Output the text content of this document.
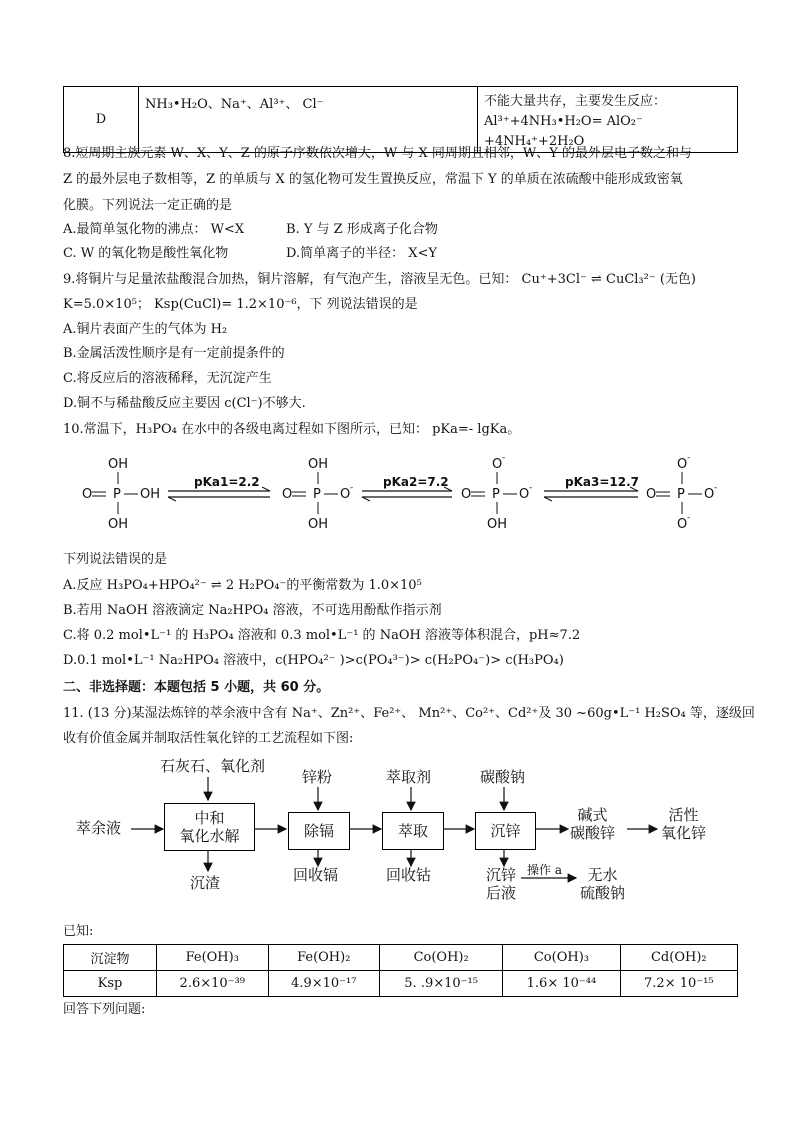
D	NH₃•H₂O、Na⁺、Al³⁺、 Cl⁻	不能大量共存，主要发生反应：
Al³⁺+4NH₃•H₂O= AlO₂⁻ +4NH₄⁺+2H₂O
8.短周期主族元素 W、X、Y、Z 的原子序数依次增大，W 与 X 同周期且相邻，W、Y 的最外层电子数之和与
Z 的最外层电子数相等，Z 的单质与 X 的氢化物可发生置换反应，常温下 Y 的单质在浓硫酸中能形成致密氧
化膜。下列说法一定正确的是
A.最简单氢化物的沸点： W<X	B. Y 与 Z 形成离子化合物
C. W 的氧化物是酸性氧化物	D.简单离子的半径： X<Y
9.将铜片与足量浓盐酸混合加热，铜片溶解，有气泡产生，溶液呈无色。已知： Cu⁺+3Cl⁻ ⇌ CuCl₃²⁻ (无色)
K=5.0×10⁵； Ksp(CuCl)= 1.2×10⁻⁶，下 列说法错误的是
A.铜片表面产生的气体为 H₂
B.金属活泼性顺序是有一定前提条件的
C.将反应后的溶液稀释，无沉淀产生
D.铜不与稀盐酸反应主要因 c(Cl⁻)不够大.
10.常温下，H₃PO₄ 在水中的各级电离过程如下图所示，已知： pKa=- lgKa。
OH
O P OH
OH
OH
O P O -
OH
O -
O P O -
OH
O -
O P O -
O -
pKa1=2.2	pKa2=7.2	pKa3=12.7
下列说法错误的是
A.反应 H₃PO₄+HPO₄²⁻ ⇌ 2 H₂PO₄⁻的平衡常数为 1.0×10⁵
B.若用 NaOH 溶液滴定 Na₂HPO₄ 溶液，不可选用酚酞作指示剂
C.将 0.2 mol•L⁻¹ 的 H₃PO₄ 溶液和 0.3 mol•L⁻¹ 的 NaOH 溶液等体积混合，pH≈7.2
D.0.1 mol•L⁻¹ Na₂HPO₄ 溶液中，c(HPO₄²⁻ )>c(PO₄³⁻)> c(H₂PO₄⁻)> c(H₃PO₄)
二、非选择题：本题包括 5 小题，共 60 分。
11. (13 分)某湿法炼锌的萃余液中含有 Na⁺、Zn²⁺、Fe²⁺、 Mn²⁺、Co²⁺、Cd²⁺及 30 ~60g•L⁻¹ H₂SO₄ 等，逐级回
收有价值金属并制取活性氧化锌的工艺流程如下图:
萃余液
石灰石、氧化剂
中和
氧化水解
沉渣
锌粉
除镉
回收镉
萃取剂
萃取
回收钴
碳酸钠
沉锌
碱式
碳酸锌
活性
氧化锌
沉锌
后液
操作 a	无水
硫酸钠
已知:
沉淀物	Fe(OH)₃	Fe(OH)₂	Co(OH)₂	Co(OH)₃	Cd(OH)₂
Ksp	2.6×10⁻³⁹	4.9×10⁻¹⁷	5. .9×10⁻¹⁵	1.6× 10⁻⁴⁴	7.2× 10⁻¹⁵
回答下列问题:
